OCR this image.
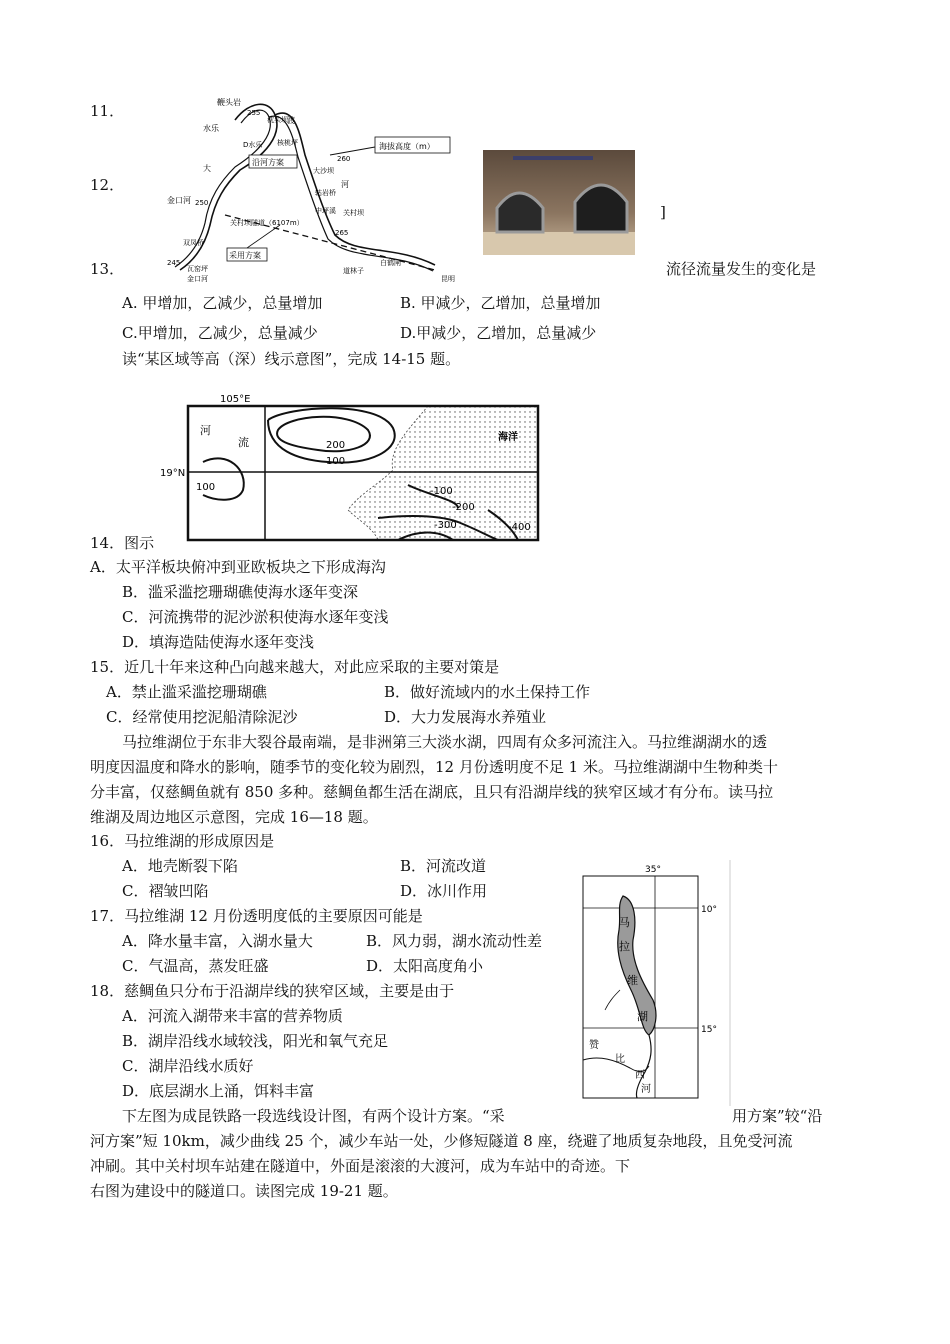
11．
12．
13．
]
流径流量发生的变化是
鞭头岩
枕头坝 渡
水乐
D水乐 核桃坪
沿河方案
海拔高度（m）
260
大沙坝
河
轱岩桥
大
金口河 250
中坪溪 关村坝
关村坝隧道（6107m）
265
采用方案
双凤桥
瓦窑坪
金口河
白鹤闸
道林子
昆明
245
255
A. 甲增加，乙减少，总量增加	B. 甲减少，乙增加，总量增加
C.甲增加，乙减少，总量减少	D.甲减少，乙增加，总量减少
读“某区域等高（深）线示意图”，完成 14-15 题。
105°E
19°N
河
流	200
100
100
海洋
-100
-200
-300	-400
14．图示
A．太平洋板块俯冲到亚欧板块之下形成海沟
B．滥采滥挖珊瑚礁使海水逐年变深
C．河流携带的泥沙淤积使海水逐年变浅
D．填海造陆使海水逐年变浅
15．近几十年来这种凸向越来越大，对此应采取的主要对策是
A．禁止滥采滥挖珊瑚礁	B．做好流域内的水土保持工作
C．经常使用挖泥船清除泥沙	D．大力发展海水养殖业
马拉维湖位于东非大裂谷最南端，是非洲第三大淡水湖，四周有众多河流注入。马拉维湖湖水的透
明度因温度和降水的影响，随季节的变化较为剧烈，12 月份透明度不足 1 米。马拉维湖湖中生物种类十
分丰富，仅慈鲷鱼就有 850 多种。慈鲷鱼都生活在湖底，且只有沿湖岸线的狭窄区域才有分布。读马拉
维湖及周边地区示意图，完成 16—18 题。
16．马拉维湖的形成原因是
A．地壳断裂下陷	B．河流改道
C．褶皱凹陷	D．冰川作用
17．马拉维湖 12 月份透明度低的主要原因可能是
A．降水量丰富，入湖水量大	B．风力弱，湖水流动性差
C．气温高，蒸发旺盛	D．太阳高度角小
18．慈鲷鱼只分布于沿湖岸线的狭窄区域，主要是由于
A．河流入湖带来丰富的营养物质
B．湖岸沿线水域较浅，阳光和氧气充足
C．湖岸沿线水质好
D．底层湖水上涌，饵料丰富
35°
10°
马
拉
维
湖
15°
赞
比
西
河
下左图为成昆铁路一段选线设计图，有两个设计方案。“采	用方案”较“沿
河方案”短 10km，减少曲线 25 个，减少车站一处，少修短隧道 8 座，绕避了地质复杂地段，且免受河流
冲刷。其中关村坝车站建在隧道中，外面是滚滚的大渡河，成为车站中的奇迹。下
右图为建设中的隧道口。读图完成 19-21 题。
